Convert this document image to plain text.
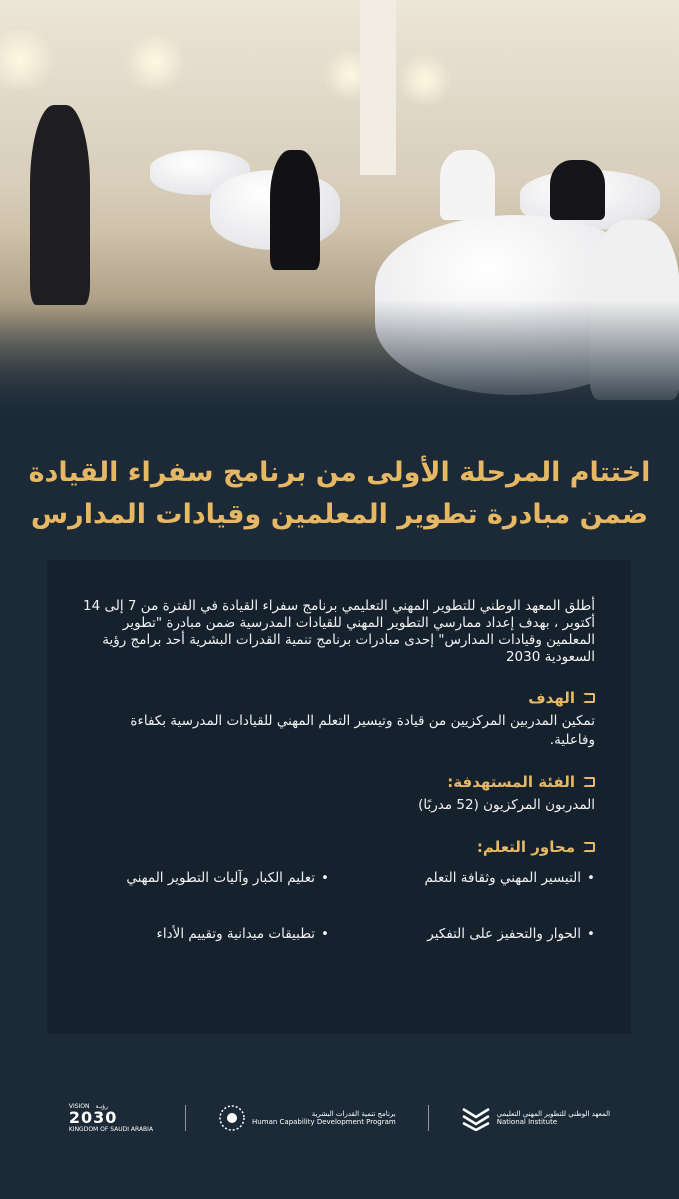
اختتام المرحلة الأولى من برنامج سفراء القيادة
ضمن مبادرة تطوير المعلمين وقيادات المدارس

أطلق المعهد الوطني للتطوير المهني التعليمي برنامج سفراء القيادة في الفترة من 7 إلى 14 أكتوبر ، بهدف إعداد ممارسي التطوير المهني للقيادات المدرسية ضمن مبادرة "تطوير المعلمين وقيادات المدارس" إحدى مبادرات برنامج تنمية القدرات البشرية أحد برامج رؤية السعودية 2030

الهدف

تمكين المدربين المركزيين من قيادة وتيسير التعلم المهني للقيادات المدرسية بكفاءة وفاعلية.

الفئة المستهدفة:

المدربون المركزيون (52 مدربًا)

محاور التعلم:
• التيسير المهني وثقافة التعلم
• تعليم الكبار وآليات التطوير المهني
• الحوار والتحفيز على التفكير
• تطبيقات ميدانية وتقييم الأداء
VISION رؤيـة
2030
KINGDOM OF SAUDI ARABIA
برنامج تنمية القدرات البشرية
Human Capability Development Program
المعهد الوطني للتطوير المهني التعليمي
National Institute
